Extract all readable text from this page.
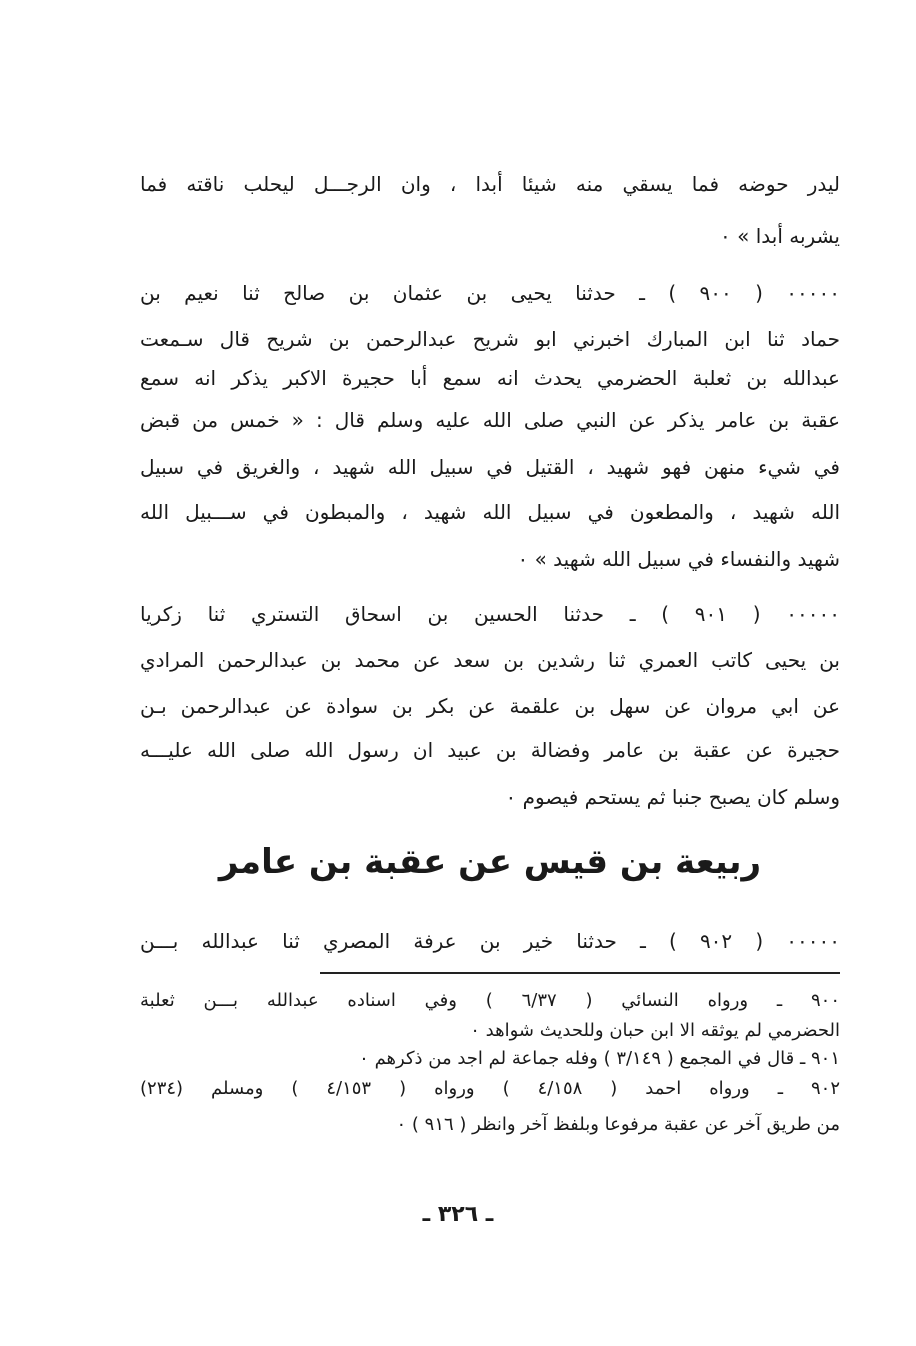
ليدر حوضه فما يسقي منه شيئا أبدا ، وان الرجـــل ليحلب ناقته فما
يشربه أبدا » ٠
٠٠٠٠٠ ( ٩٠٠ ) ـ حدثنا يحيى بن عثمان بن صالح ثنا نعيم بن
حماد ثنا ابن المبارك اخبرني ابو شريح عبدالرحمن بن شريح قال سـمعت
عبدالله بن ثعلبة الحضرمي يحدث انه سمع أبا حجيرة الاكبر يذكر انه سمع
عقبة بن عامر يذكر عن النبي صلى الله عليه وسلم قال : « خمس من قبض
في شيء منهن فهو شهيد ، القتيل في سبيل الله شهيد ، والغريق في سبيل
الله شهيد ، والمطعون في سبيل الله شهيد ، والمبطون في ســـبيل الله
شهيد والنفساء في سبيل الله شهيد » ٠
٠٠٠٠٠ ( ٩٠١ ) ـ حدثنا الحسين بن اسحاق التستري ثنا زكريا
بن يحيى كاتب العمري ثنا رشدين بن سعد عن محمد بن عبدالرحمن المرادي
عن ابي مروان عن سهل بن علقمة عن بكر بن سوادة عن عبدالرحمن بـن
حجيرة عن عقبة بن عامر وفضالة بن عبيد ان رسول الله صلى الله عليـــه
وسلم كان يصبح جنبا ثم يستحم فيصوم ٠
ربيعة بن قيس عن عقبة بن عامر
٠٠٠٠٠ ( ٩٠٢ ) ـ حدثنا خير بن عرفة المصري ثنا عبدالله بـــن
٩٠٠ ـ ورواه النسائي ( ٦/٣٧ ) وفي اسناده عبدالله بـــن ثعلبة
الحضرمي لم يوثقه الا ابن حبان وللحديث شواهد ٠
٩٠١ ـ قال في المجمع ( ٣/١٤٩ ) وفله جماعة لم اجد من ذكرهم ٠
٩٠٢ ـ ورواه احمد ( ٤/١٥٨ ) ورواه ( ٤/١٥٣ ) ومسلم (٢٣٤)
من طريق آخر عن عقبة مرفوعا وبلفظ آخر وانظر ( ٩١٦ ) ٠
ـ ٣٢٦ ـ
